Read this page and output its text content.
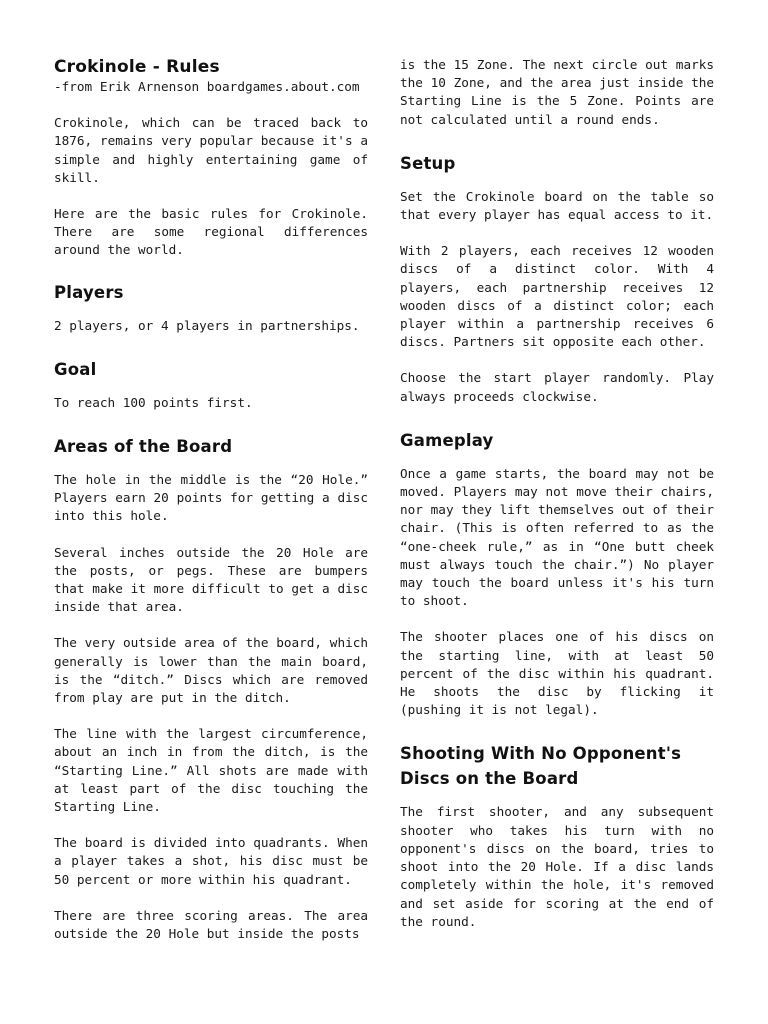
Crokinole - Rules

-from Erik Arnenson boardgames.about.com

Crokinole, which can be traced back to 1876, remains very popular because it's a simple and highly entertaining game of skill.

Here are the basic rules for Crokinole. There are some regional differences around the world.

Players

2 players, or 4 players in partnerships.

Goal

To reach 100 points first.

Areas of the Board

The hole in the middle is the “20 Hole.” Players earn 20 points for getting a disc into this hole.

Several inches outside the 20 Hole are the posts, or pegs. These are bumpers that make it more difficult to get a disc inside that area.

The very outside area of the board, which generally is lower than the main board, is the “ditch.” Discs which are removed from play are put in the ditch.

The line with the largest circumference, about an inch in from the ditch, is the “Starting Line.” All shots are made with at least part of the disc touching the Starting Line.

The board is divided into quadrants. When a player takes a shot, his disc must be 50 percent or more within his quadrant.

There are three scoring areas. The area outside the 20 Hole but inside the posts

is the 15 Zone. The next circle out marks the 10 Zone, and the area just inside the Starting Line is the 5 Zone. Points are not calculated until a round ends.

Setup

Set the Crokinole board on the table so that every player has equal access to it.

With 2 players, each receives 12 wooden discs of a distinct color. With 4 players, each partnership receives 12 wooden discs of a distinct color; each player within a partnership receives 6 discs. Partners sit opposite each other.

Choose the start player randomly. Play always proceeds clockwise.

Gameplay

Once a game starts, the board may not be moved. Players may not move their chairs, nor may they lift themselves out of their chair. (This is often referred to as the “one-cheek rule,” as in “One butt cheek must always touch the chair.”) No player may touch the board unless it's his turn to shoot.

The shooter places one of his discs on the starting line, with at least 50 percent of the disc within his quadrant. He shoots the disc by flicking it (pushing it is not legal).

Shooting With No Opponent's Discs on the Board

The first shooter, and any subsequent shooter who takes his turn with no opponent's discs on the board, tries to shoot into the 20 Hole. If a disc lands completely within the hole, it's removed and set aside for scoring at the end of the round.
